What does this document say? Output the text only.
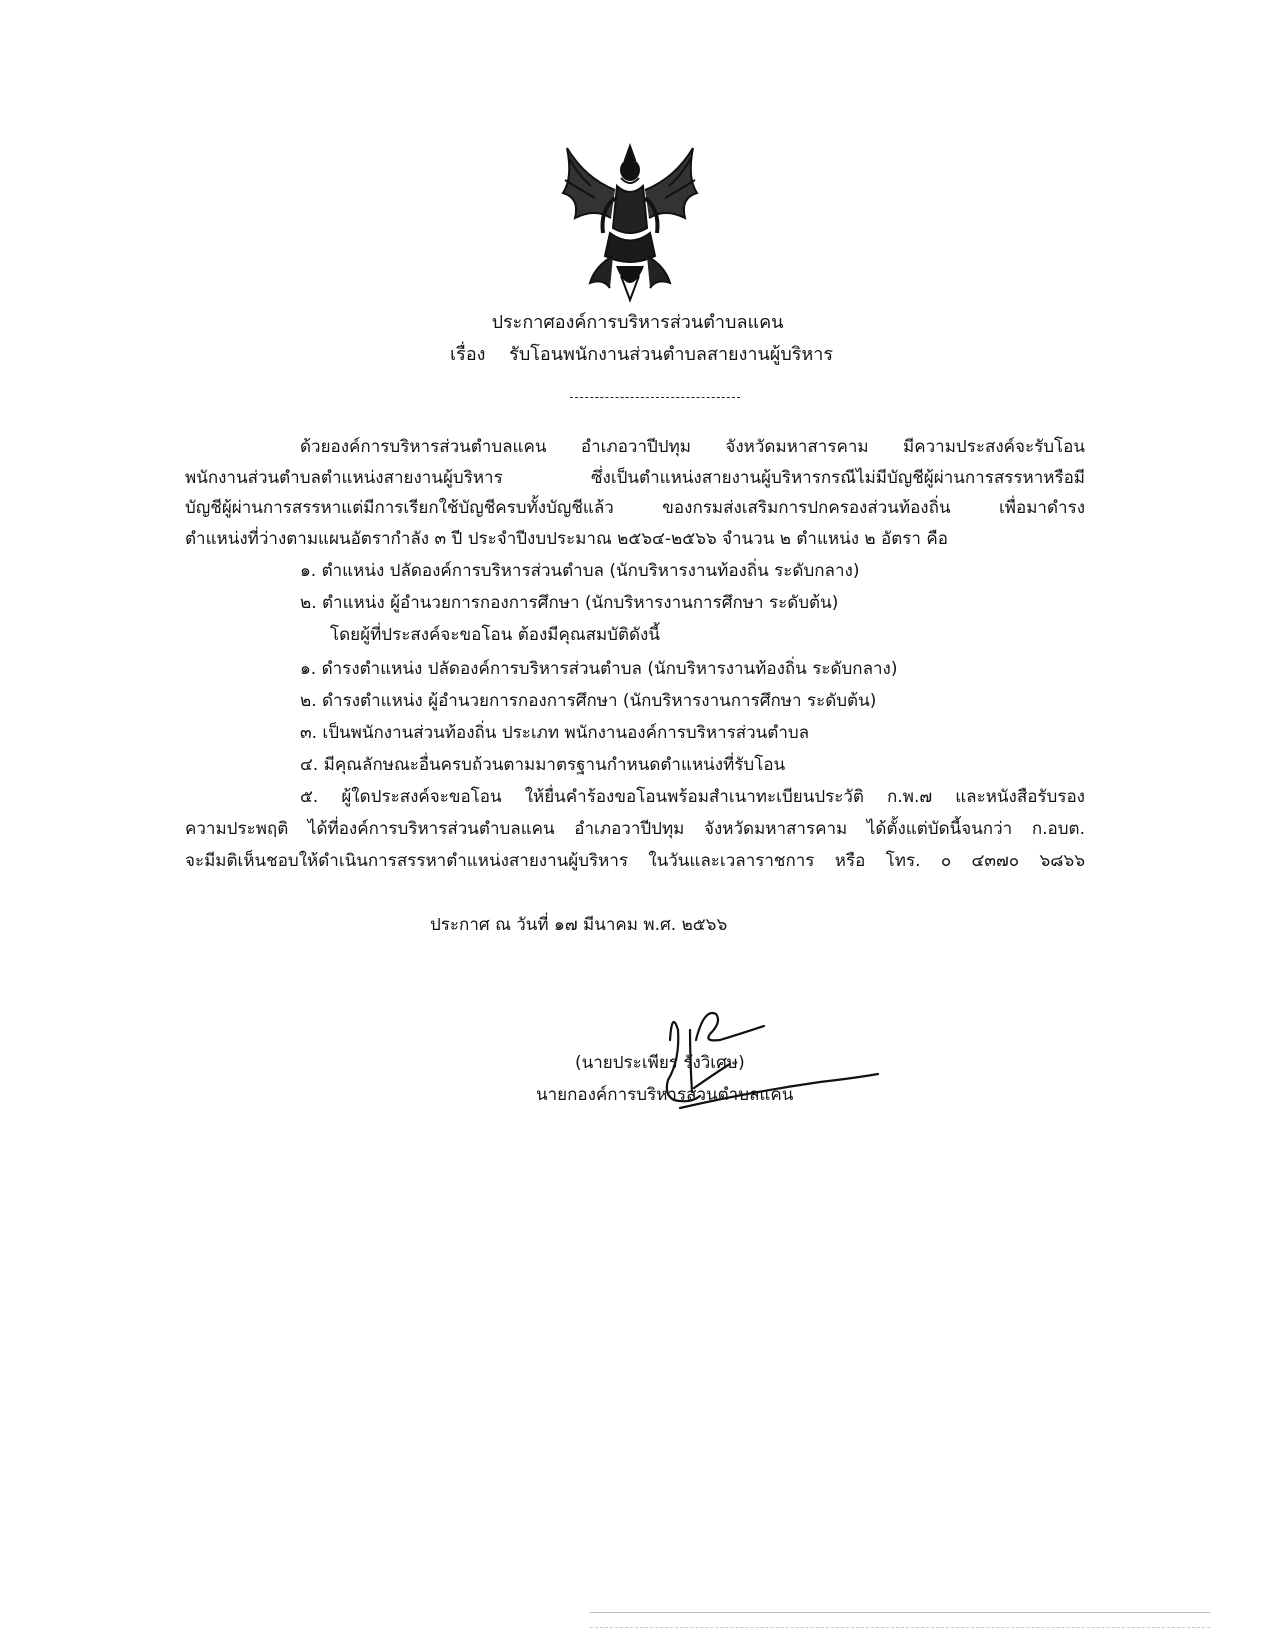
ประกาศองค์การบริหารส่วนตำบลแคน
เรื่อง รับโอนพนักงานส่วนตำบลสายงานผู้บริหาร
ด้วยองค์การบริหารส่วนตำบลแคน อำเภอวาปีปทุม จังหวัดมหาสารคาม มีความประสงค์จะรับโอน
พนักงานส่วนตำบลตำแหน่งสายงานผู้บริหาร ซึ่งเป็นตำแหน่งสายงานผู้บริหารกรณีไม่มีบัญชีผู้ผ่านการสรรหาหรือมี
บัญชีผู้ผ่านการสรรหาแต่มีการเรียกใช้บัญชีครบทั้งบัญชีแล้ว ของกรมส่งเสริมการปกครองส่วนท้องถิ่น เพื่อมาดำรง
ตำแหน่งที่ว่างตามแผนอัตรากำลัง ๓ ปี ประจำปีงบประมาณ ๒๕๖๔-๒๕๖๖ จำนวน ๒ ตำแหน่ง ๒ อัตรา คือ
๑. ตำแหน่ง ปลัดองค์การบริหารส่วนตำบล (นักบริหารงานท้องถิ่น ระดับกลาง)
๒. ตำแหน่ง ผู้อำนวยการกองการศึกษา (นักบริหารงานการศึกษา ระดับต้น)
โดยผู้ที่ประสงค์จะขอโอน ต้องมีคุณสมบัติดังนี้
๑. ดำรงตำแหน่ง ปลัดองค์การบริหารส่วนตำบล (นักบริหารงานท้องถิ่น ระดับกลาง)
๒. ดำรงตำแหน่ง ผู้อำนวยการกองการศึกษา (นักบริหารงานการศึกษา ระดับต้น)
๓. เป็นพนักงานส่วนท้องถิ่น ประเภท พนักงานองค์การบริหารส่วนตำบล
๔. มีคุณลักษณะอื่นครบถ้วนตามมาตรฐานกำหนดตำแหน่งที่รับโอน
๕. ผู้ใดประสงค์จะขอโอน ให้ยื่นคำร้องขอโอนพร้อมสำเนาทะเบียนประวัติ ก.พ.๗ และหนังสือรับรอง
ความประพฤติ ได้ที่องค์การบริหารส่วนตำบลแคน อำเภอวาปีปทุม จังหวัดมหาสารคาม ได้ตั้งแต่บัดนี้จนกว่า ก.อบต.
จะมีมติเห็นชอบให้ดำเนินการสรรหาตำแหน่งสายงานผู้บริหาร ในวันและเวลาราชการ หรือ โทร. ๐ ๔๓๗๐ ๖๘๖๖
ประกาศ ณ วันที่ ๑๗ มีนาคม พ.ศ. ๒๕๖๖
(นายประเพียร รังวิเศษ)
นายกองค์การบริหารส่วนตำบลแคน
